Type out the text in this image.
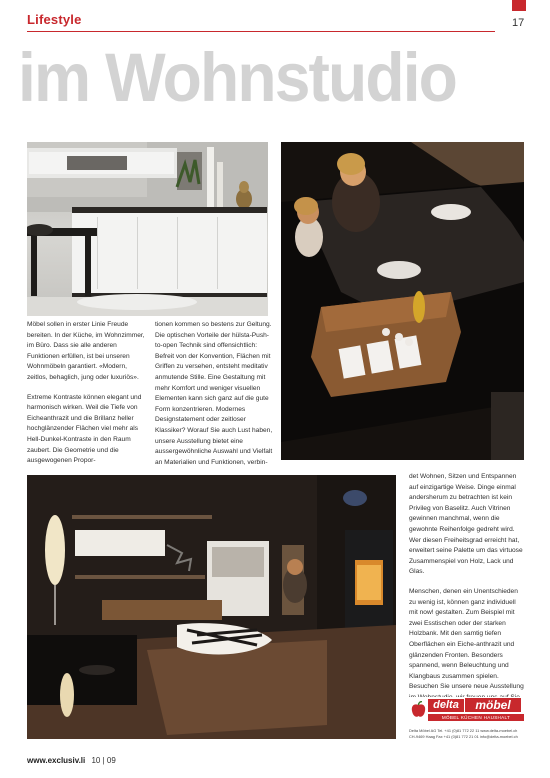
Lifestyle	17
im Wohnstudio

Möbel sollen in erster Linie Freude bereiten. In der Küche, im Wohnzimmer, im Büro. Dass sie alle anderen Funktionen erfüllen, ist bei unseren Wohnmöbeln garantiert. «Modern, zeitlos, behaglich, jung oder luxuriös».

Extreme Kontraste können elegant und harmonisch wirken. Weil die Tiefe von Eicheanthrazit und die Brillanz heller hochglänzender Flächen viel mehr als Hell-Dunkel-Kontraste in den Raum zaubert. Die Geometrie und die ausgewogenen Propor-

tionen kommen so bestens zur Geltung. Die optischen Vorteile der hülsta-Push-to-open Technik sind offensichtlich: Befreit von der Konvention, Flächen mit Griffen zu versehen, entsteht meditativ anmutende Stille. Eine Gestaltung mit mehr Komfort und weniger visuellen Elementen kann sich ganz auf die gute Form konzentrieren. Modernes Designstatement oder zeitloser Klassiker? Worauf Sie auch Lust haben, unsere Ausstellung bietet eine aussergewöhnliche Auswahl und Vielfalt an Materialien und Funktionen, verbin-

det Wohnen, Sitzen und Entspannen auf einzigartige Weise. Dinge einmal andersherum zu betrachten ist kein Privileg von Baselitz. Auch Vitrinen gewinnen manchmal, wenn die gewohnte Reihenfolge gedreht wird. Wer diesen Freiheitsgrad erreicht hat, erweitert seine Palette um das virtuose Zusammenspiel von Holz, Lack und Glas.

Menschen, denen ein Unentschieden zu wenig ist, können ganz individuell mit now! gestalten. Zum Beispiel mit zwei Esstischen oder der starken Holzbank. Mit den samtig tiefen Oberflächen ein Eiche-anthrazit und glänzenden Fronten. Besonders spannend, wenn Beleuchtung und Klangbaus zusammen spielen. Besuchen Sie unsere neue Ausstellung

delta	möbel
MÖBEL KÜCHEN HAUSHALT
Delta Möbel AG Tel. +41 (0)81 772 22 11 www.delta-moebel.ch
CH-9469 Haag Fax +41 (0)81 772 21 01 info@delta-moebel.ch
www.exclusiv.li 10 | 09
